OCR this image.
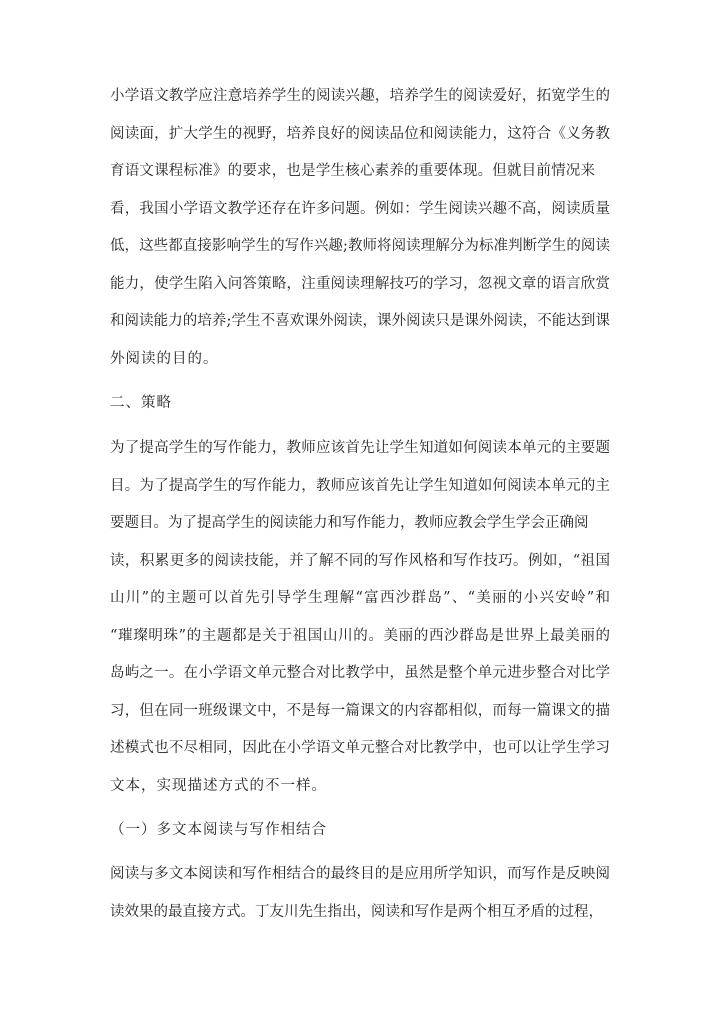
小学语文教学应注意培养学生的阅读兴趣，培养学生的阅读爱好，拓宽学生的
阅读面，扩大学生的视野，培养良好的阅读品位和阅读能力，这符合《义务教
育语文课程标准》的要求，也是学生核心素养的重要体现。但就目前情况来
看，我国小学语文教学还存在许多问题。例如：学生阅读兴趣不高，阅读质量
低，这些都直接影响学生的写作兴趣;教师将阅读理解分为标准判断学生的阅读
能力，使学生陷入问答策略，注重阅读理解技巧的学习，忽视文章的语言欣赏
和阅读能力的培养;学生不喜欢课外阅读，课外阅读只是课外阅读，不能达到课
外阅读的目的。
二、策略
为了提高学生的写作能力，教师应该首先让学生知道如何阅读本单元的主要题
目。为了提高学生的写作能力，教师应该首先让学生知道如何阅读本单元的主
要题目。为了提高学生的阅读能力和写作能力，教师应教会学生学会正确阅
读，积累更多的阅读技能，并了解不同的写作风格和写作技巧。例如，“祖国
山川”的主题可以首先引导学生理解“富西沙群岛”、“美丽的小兴安岭”和
“璀璨明珠”的主题都是关于祖国山川的。美丽的西沙群岛是世界上最美丽的
岛屿之一。在小学语文单元整合对比教学中，虽然是整个单元进步整合对比学
习，但在同一班级课文中，不是每一篇课文的内容都相似，而每一篇课文的描
述模式也不尽相同，因此在小学语文单元整合对比教学中，也可以让学生学习
文本，实现描述方式的不一样。
（一）多文本阅读与写作相结合
阅读与多文本阅读和写作相结合的最终目的是应用所学知识，而写作是反映阅
读效果的最直接方式。丁友川先生指出，阅读和写作是两个相互矛盾的过程，
